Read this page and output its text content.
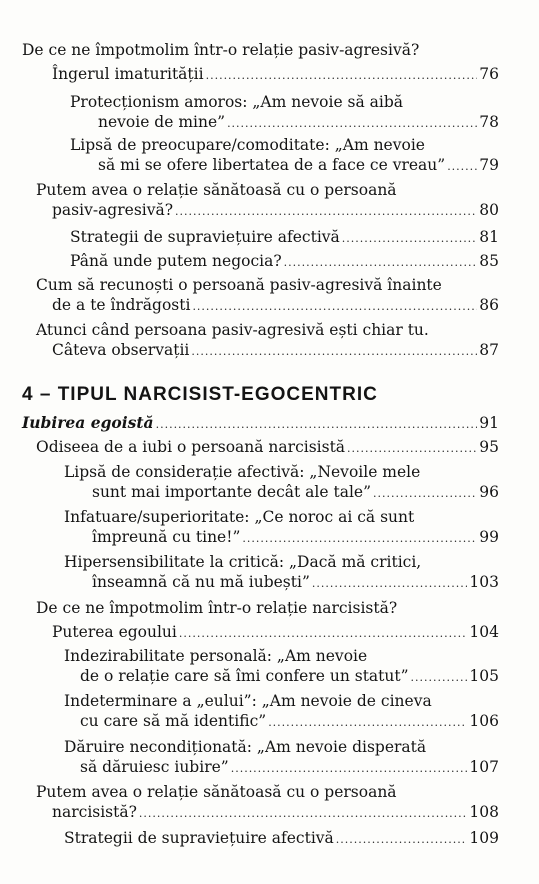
De ce ne împotmolim într-o relație pasiv-agresivă?
Îngerul imaturității .....	76
Protecționism amoros: „Am nevoie să aibă
nevoie de mine” .....	78
Lipsă de preocupare/comoditate: „Am nevoie
să mi se ofere libertatea de a face ce vreau” ..... 79
Putem avea o relație sănătoasă cu o persoană
pasiv-agresivă? .....	80
Strategii de supraviețuire afectivă .....	81
Până unde putem negocia? .....	85
Cum să recunoști o persoană pasiv-agresivă înainte
de a te îndrăgosti .....	86
Atunci când persoana pasiv-agresivă ești chiar tu.
Câteva observații .....	87
4 – TIPUL NARCISIST-EGOCENTRIC
Iubirea egoistă .....	91
Odiseea de a iubi o persoană narcisistă .....	95
Lipsă de considerație afectivă: „Nevoile mele
sunt mai importante decât ale tale” .....	96
Infatuare/superioritate: „Ce noroc ai că sunt
împreună cu tine!” .....	99
Hipersensibilitate la critică: „Dacă mă critici,
înseamnă că nu mă iubești” .....	103
De ce ne împotmolim într-o relație narcisistă?
Puterea egoului .....	104
Indezirabilitate personală: „Am nevoie
de o relație care să îmi confere un statut” .....	105
Indeterminare a „eului”: „Am nevoie de cineva
cu care să mă identific” .....	106
Dăruire necondiționată: „Am nevoie disperată
să dăruiesc iubire” .....	107
Putem avea o relație sănătoasă cu o persoană
narcisistă? .....	108
Strategii de supraviețuire afectivă .....	109
